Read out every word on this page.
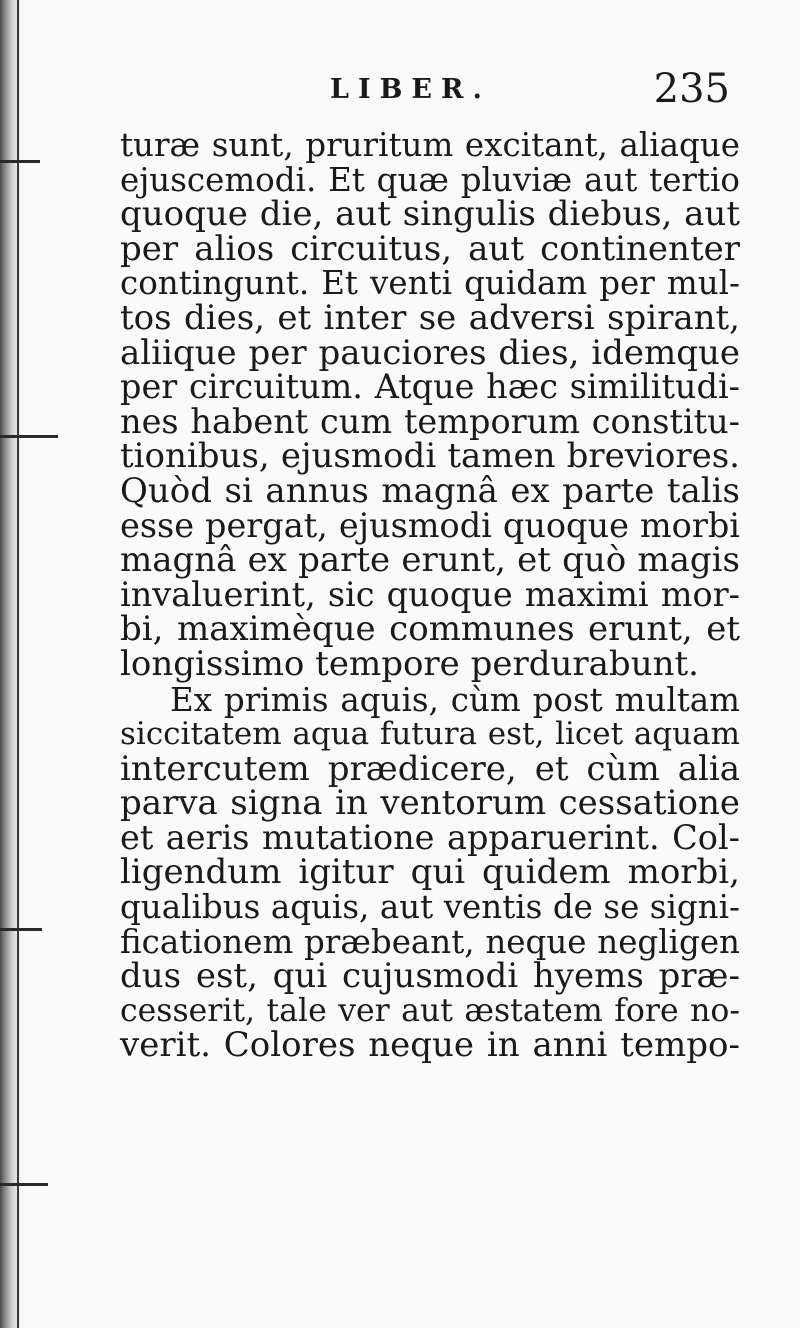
LIBER.	235
turæ sunt, pruritum excitant, aliaque
ejuscemodi. Et quæ pluviæ aut tertio
quoque die, aut singulis diebus, aut
per alios circuitus, aut continenter
contingunt. Et venti quidam per mul-
tos dies, et inter se adversi spirant,
aliique per pauciores dies, idemque
per circuitum. Atque hæc similitudi-
nes habent cum temporum constitu-
tionibus, ejusmodi tamen breviores.
Quòd si annus magnâ ex parte talis
esse pergat, ejusmodi quoque morbi
magnâ ex parte erunt, et quò magis
invaluerint, sic quoque maximi mor-
bi, maximèque communes erunt, et
longissimo tempore perdurabunt.
Ex primis aquis, cùm post multam
siccitatem aqua futura est, licet aquam
intercutem prædicere, et cùm alia
parva signa in ventorum cessatione
et aeris mutatione apparuerint. Col-
ligendum igitur qui quidem morbi,
qualibus aquis, aut ventis de se signi-
ficationem præbeant, neque negligen
dus est, qui cujusmodi hyems præ-
cesserit, tale ver aut æstatem fore no-
verit. Colores neque in anni tempo-
